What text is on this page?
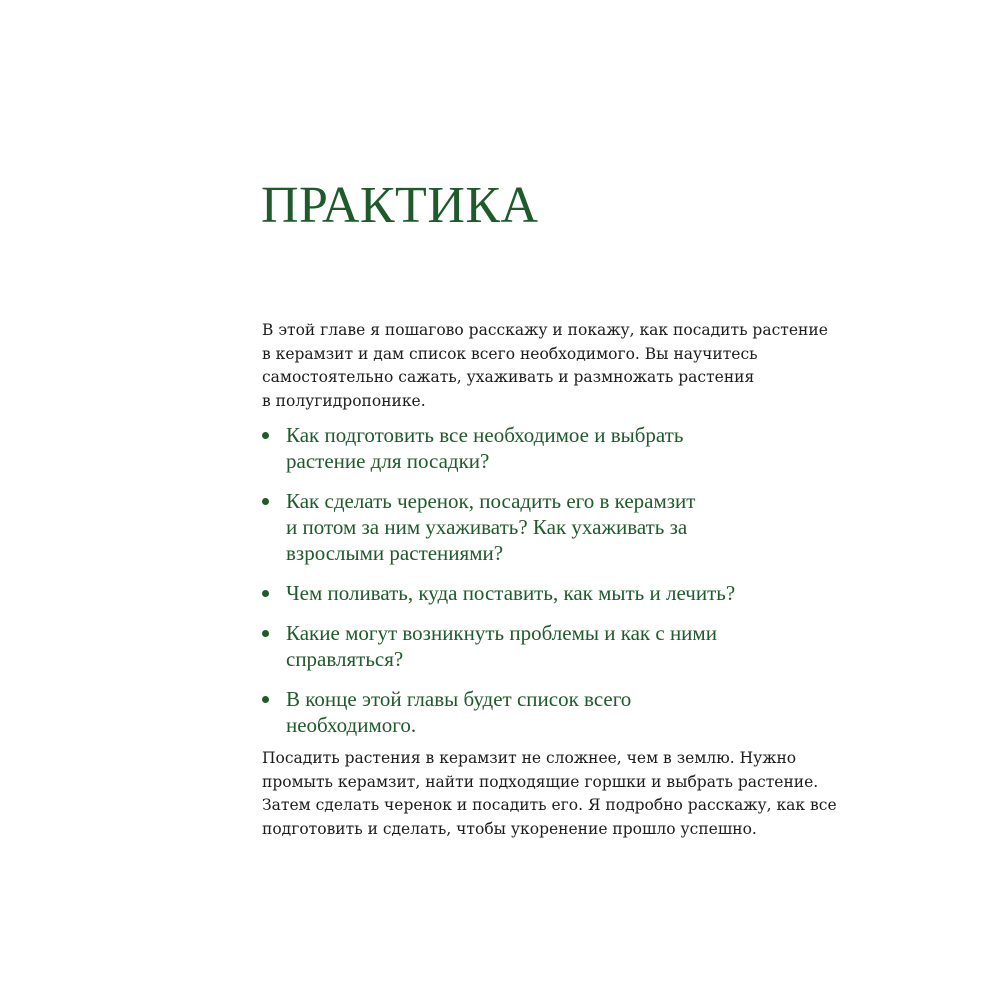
ПРАКТИКА

В этой главе я пошагово расскажу и покажу, как посадить растение
в керамзит и дам список всего необходимого. Вы научитесь
самостоятельно сажать, ухаживать и размножать растения
в полугидропонике.

Как подготовить все необходимое и выбрать
растение для посадки?
Как сделать черенок, посадить его в керамзит
и потом за ним ухаживать? Как ухаживать за
взрослыми растениями?
Чем поливать, куда поставить, как мыть и лечить?
Какие могут возникнуть проблемы и как с ними
справляться?
В конце этой главы будет список всего
необходимого.

Посадить растения в керамзит не сложнее, чем в землю. Нужно
промыть керамзит, найти подходящие горшки и выбрать растение.
Затем сделать черенок и посадить его. Я подробно расскажу, как все
подготовить и сделать, чтобы укоренение прошло успешно.
